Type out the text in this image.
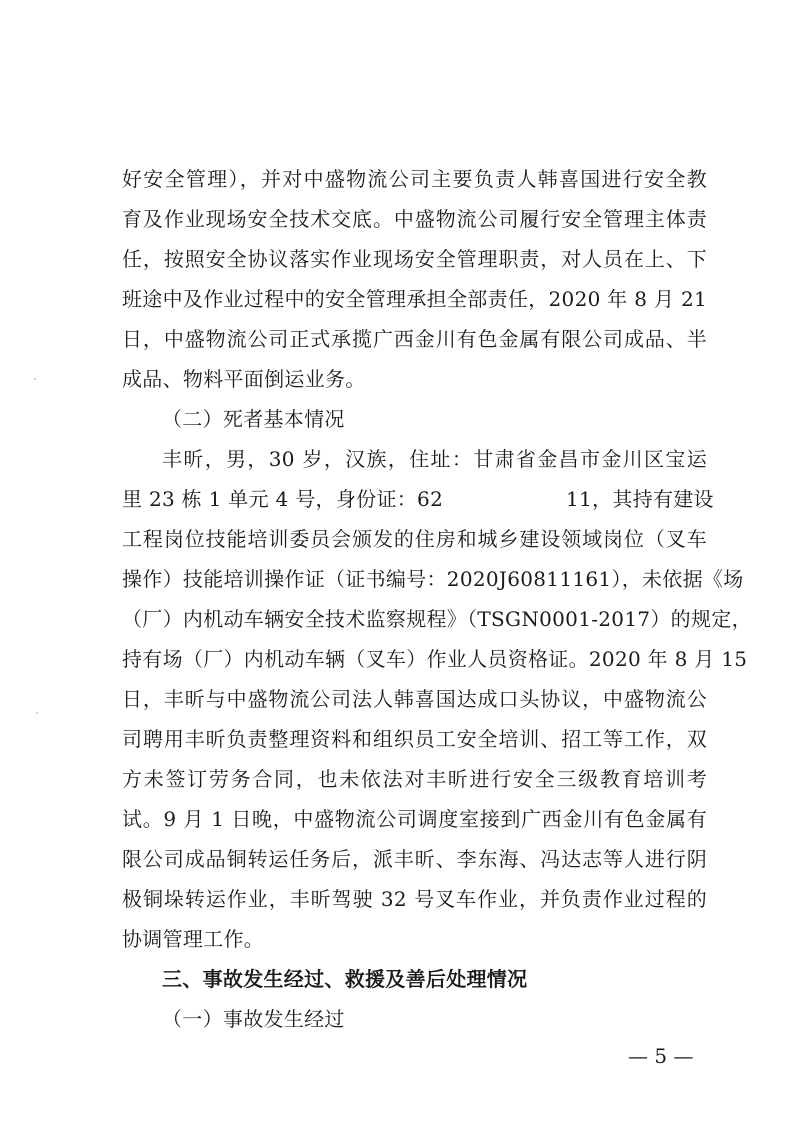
好安全管理），并对中盛物流公司主要负责人韩喜国进行安全教
育及作业现场安全技术交底。中盛物流公司履行安全管理主体责
任，按照安全协议落实作业现场安全管理职责，对人员在上、下
班途中及作业过程中的安全管理承担全部责任，2020 年 8 月 21
日，中盛物流公司正式承揽广西金川有色金属有限公司成品、半
成品、物料平面倒运业务。
（二）死者基本情况
丰昕，男，30 岁，汉族，住址：甘肃省金昌市金川区宝运
里 23 栋 1 单元 4 号，身份证：62	11，其持有建设
工程岗位技能培训委员会颁发的住房和城乡建设领域岗位（叉车
操作）技能培训操作证（证书编号：2020J60811161），未依据《场
（厂）内机动车辆安全技术监察规程》（TSGN0001-2017）的规定，
持有场（厂）内机动车辆（叉车）作业人员资格证。2020 年 8 月 15
日，丰昕与中盛物流公司法人韩喜国达成口头协议，中盛物流公
司聘用丰昕负责整理资料和组织员工安全培训、招工等工作，双
方未签订劳务合同，也未依法对丰昕进行安全三级教育培训考
试。9 月 1 日晚，中盛物流公司调度室接到广西金川有色金属有
限公司成品铜转运任务后，派丰昕、李东海、冯达志等人进行阴
极铜垛转运作业，丰昕驾驶 32 号叉车作业，并负责作业过程的
协调管理工作。
三、事故发生经过、救援及善后处理情况
（一）事故发生经过
— 5 —
